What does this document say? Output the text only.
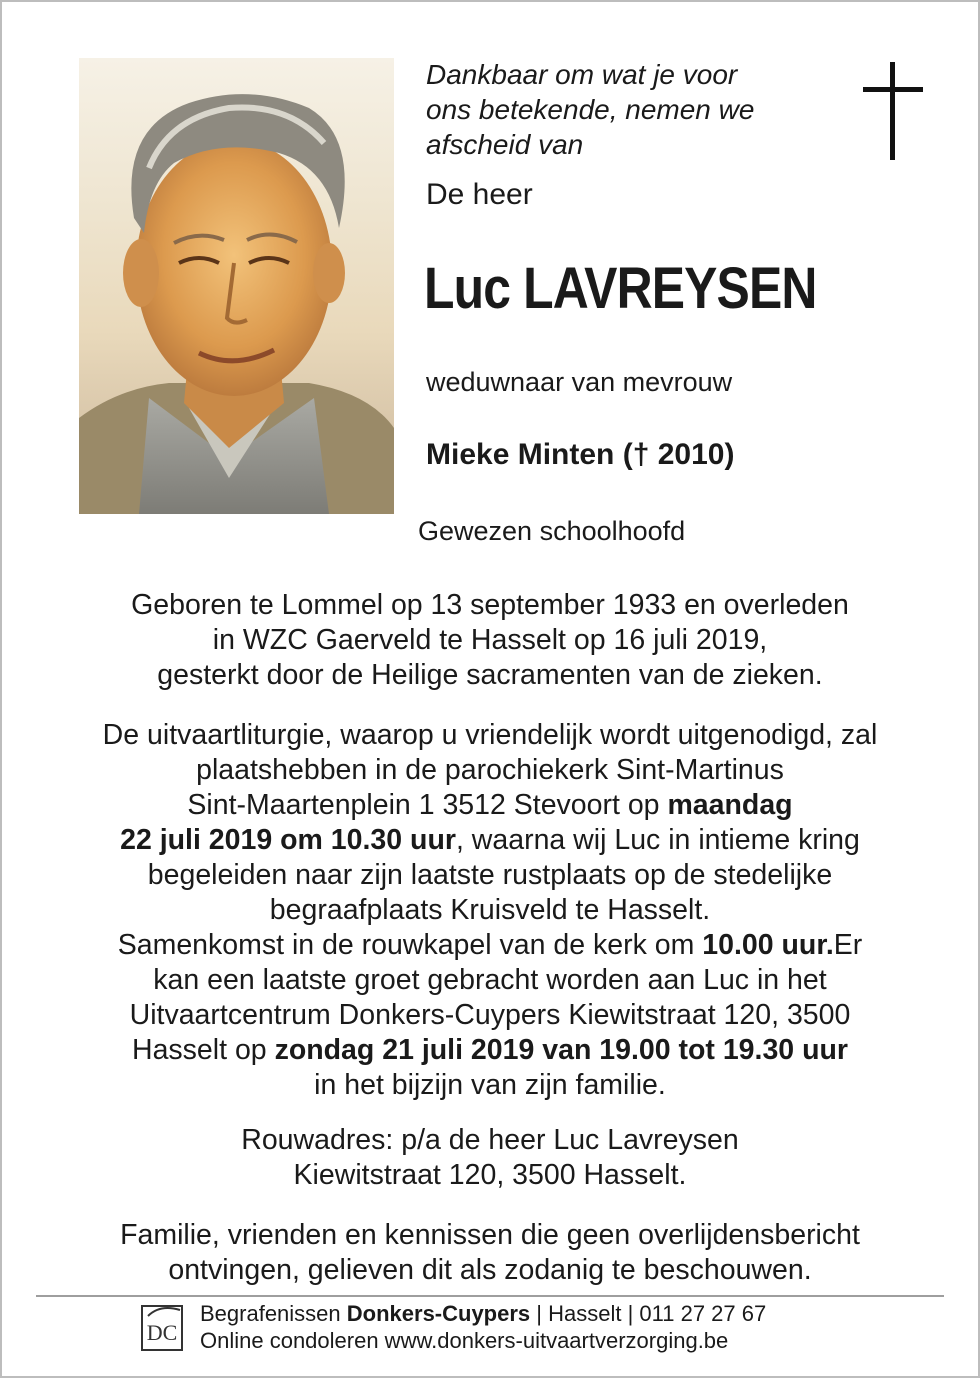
Dankbaar om wat je voor
ons betekende, nemen we
afscheid van
De heer
Luc LAVREYSEN
weduwnaar van mevrouw
Mieke Minten († 2010)
Gewezen schoolhoofd
Geboren te Lommel op 13 september 1933 en overleden
in WZC Gaerveld te Hasselt op 16 juli 2019,
gesterkt door de Heilige sacramenten van de zieken.
De uitvaartliturgie, waarop u vriendelijk wordt uitgenodigd, zal
plaatshebben in de parochiekerk Sint-Martinus
Sint-Maartenplein 1 3512 Stevoort op maandag
22 juli 2019 om 10.30 uur, waarna wij Luc in intieme kring
begeleiden naar zijn laatste rustplaats op de stedelijke
begraafplaats Kruisveld te Hasselt.
Samenkomst in de rouwkapel van de kerk om 10.00 uur.Er
kan een laatste groet gebracht worden aan Luc in het
Uitvaartcentrum Donkers-Cuypers Kiewitstraat 120, 3500
Hasselt op zondag 21 juli 2019 van 19.00 tot 19.30 uur
in het bijzijn van zijn familie.
Rouwadres: p/a de heer Luc Lavreysen
Kiewitstraat 120, 3500 Hasselt.
Familie, vrienden en kennissen die geen overlijdensbericht
ontvingen, gelieven dit als zodanig te beschouwen.
DC
Begrafenissen Donkers-Cuypers | Hasselt | 011 27 27 67
Online condoleren www.donkers-uitvaartverzorging.be
